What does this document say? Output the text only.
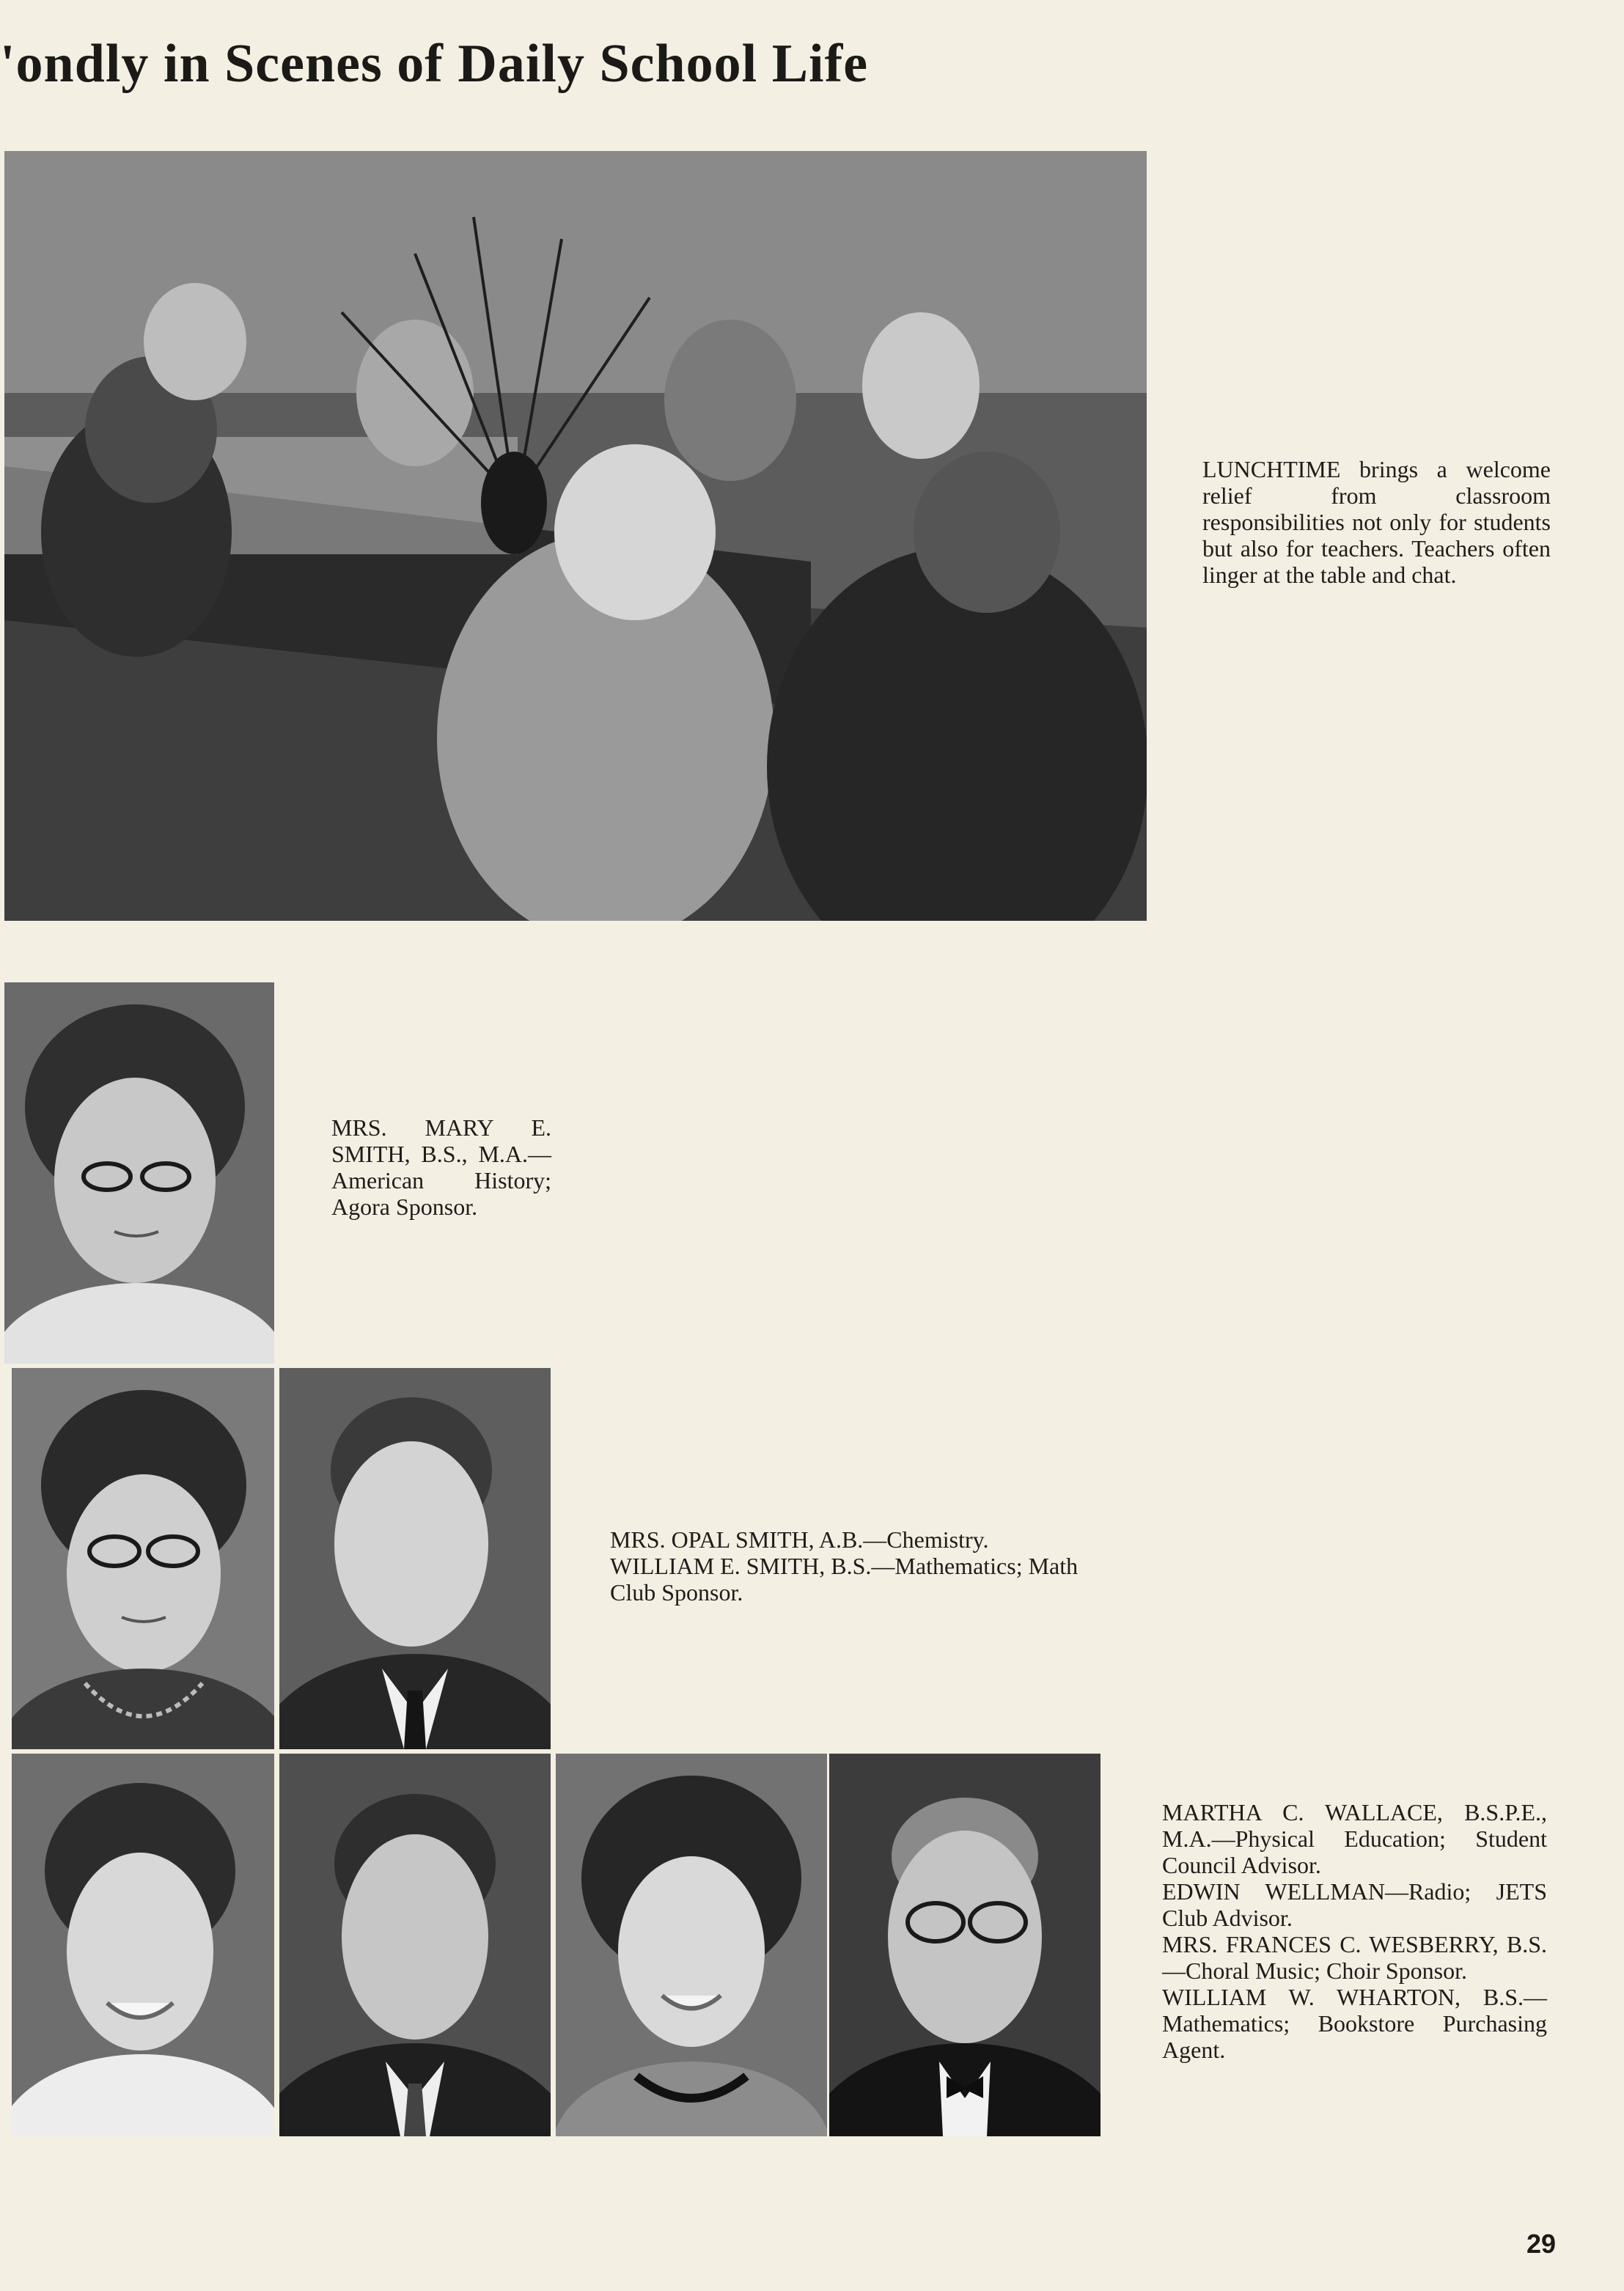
'ondly in Scenes of Daily School Life

LUNCHTIME brings a welcome relief from classroom responsibilities not only for students but also for teachers. Teachers often linger at the table and chat.

MRS. MARY E. SMITH, B.S., M.A.—American History; Agora Sponsor.

MRS. OPAL SMITH, A.B.—Chemistry.

WILLIAM E. SMITH, B.S.—Mathematics; Math Club Sponsor.

MARTHA C. WALLACE, B.S.P.E., M.A.—Physical Education; Student Council Advisor.

EDWIN WELLMAN—Radio; JETS Club Advisor.

MRS. FRANCES C. WESBERRY, B.S.—Choral Music; Choir Sponsor.

WILLIAM W. WHARTON, B.S.—Mathematics; Bookstore Purchasing Agent.

29
